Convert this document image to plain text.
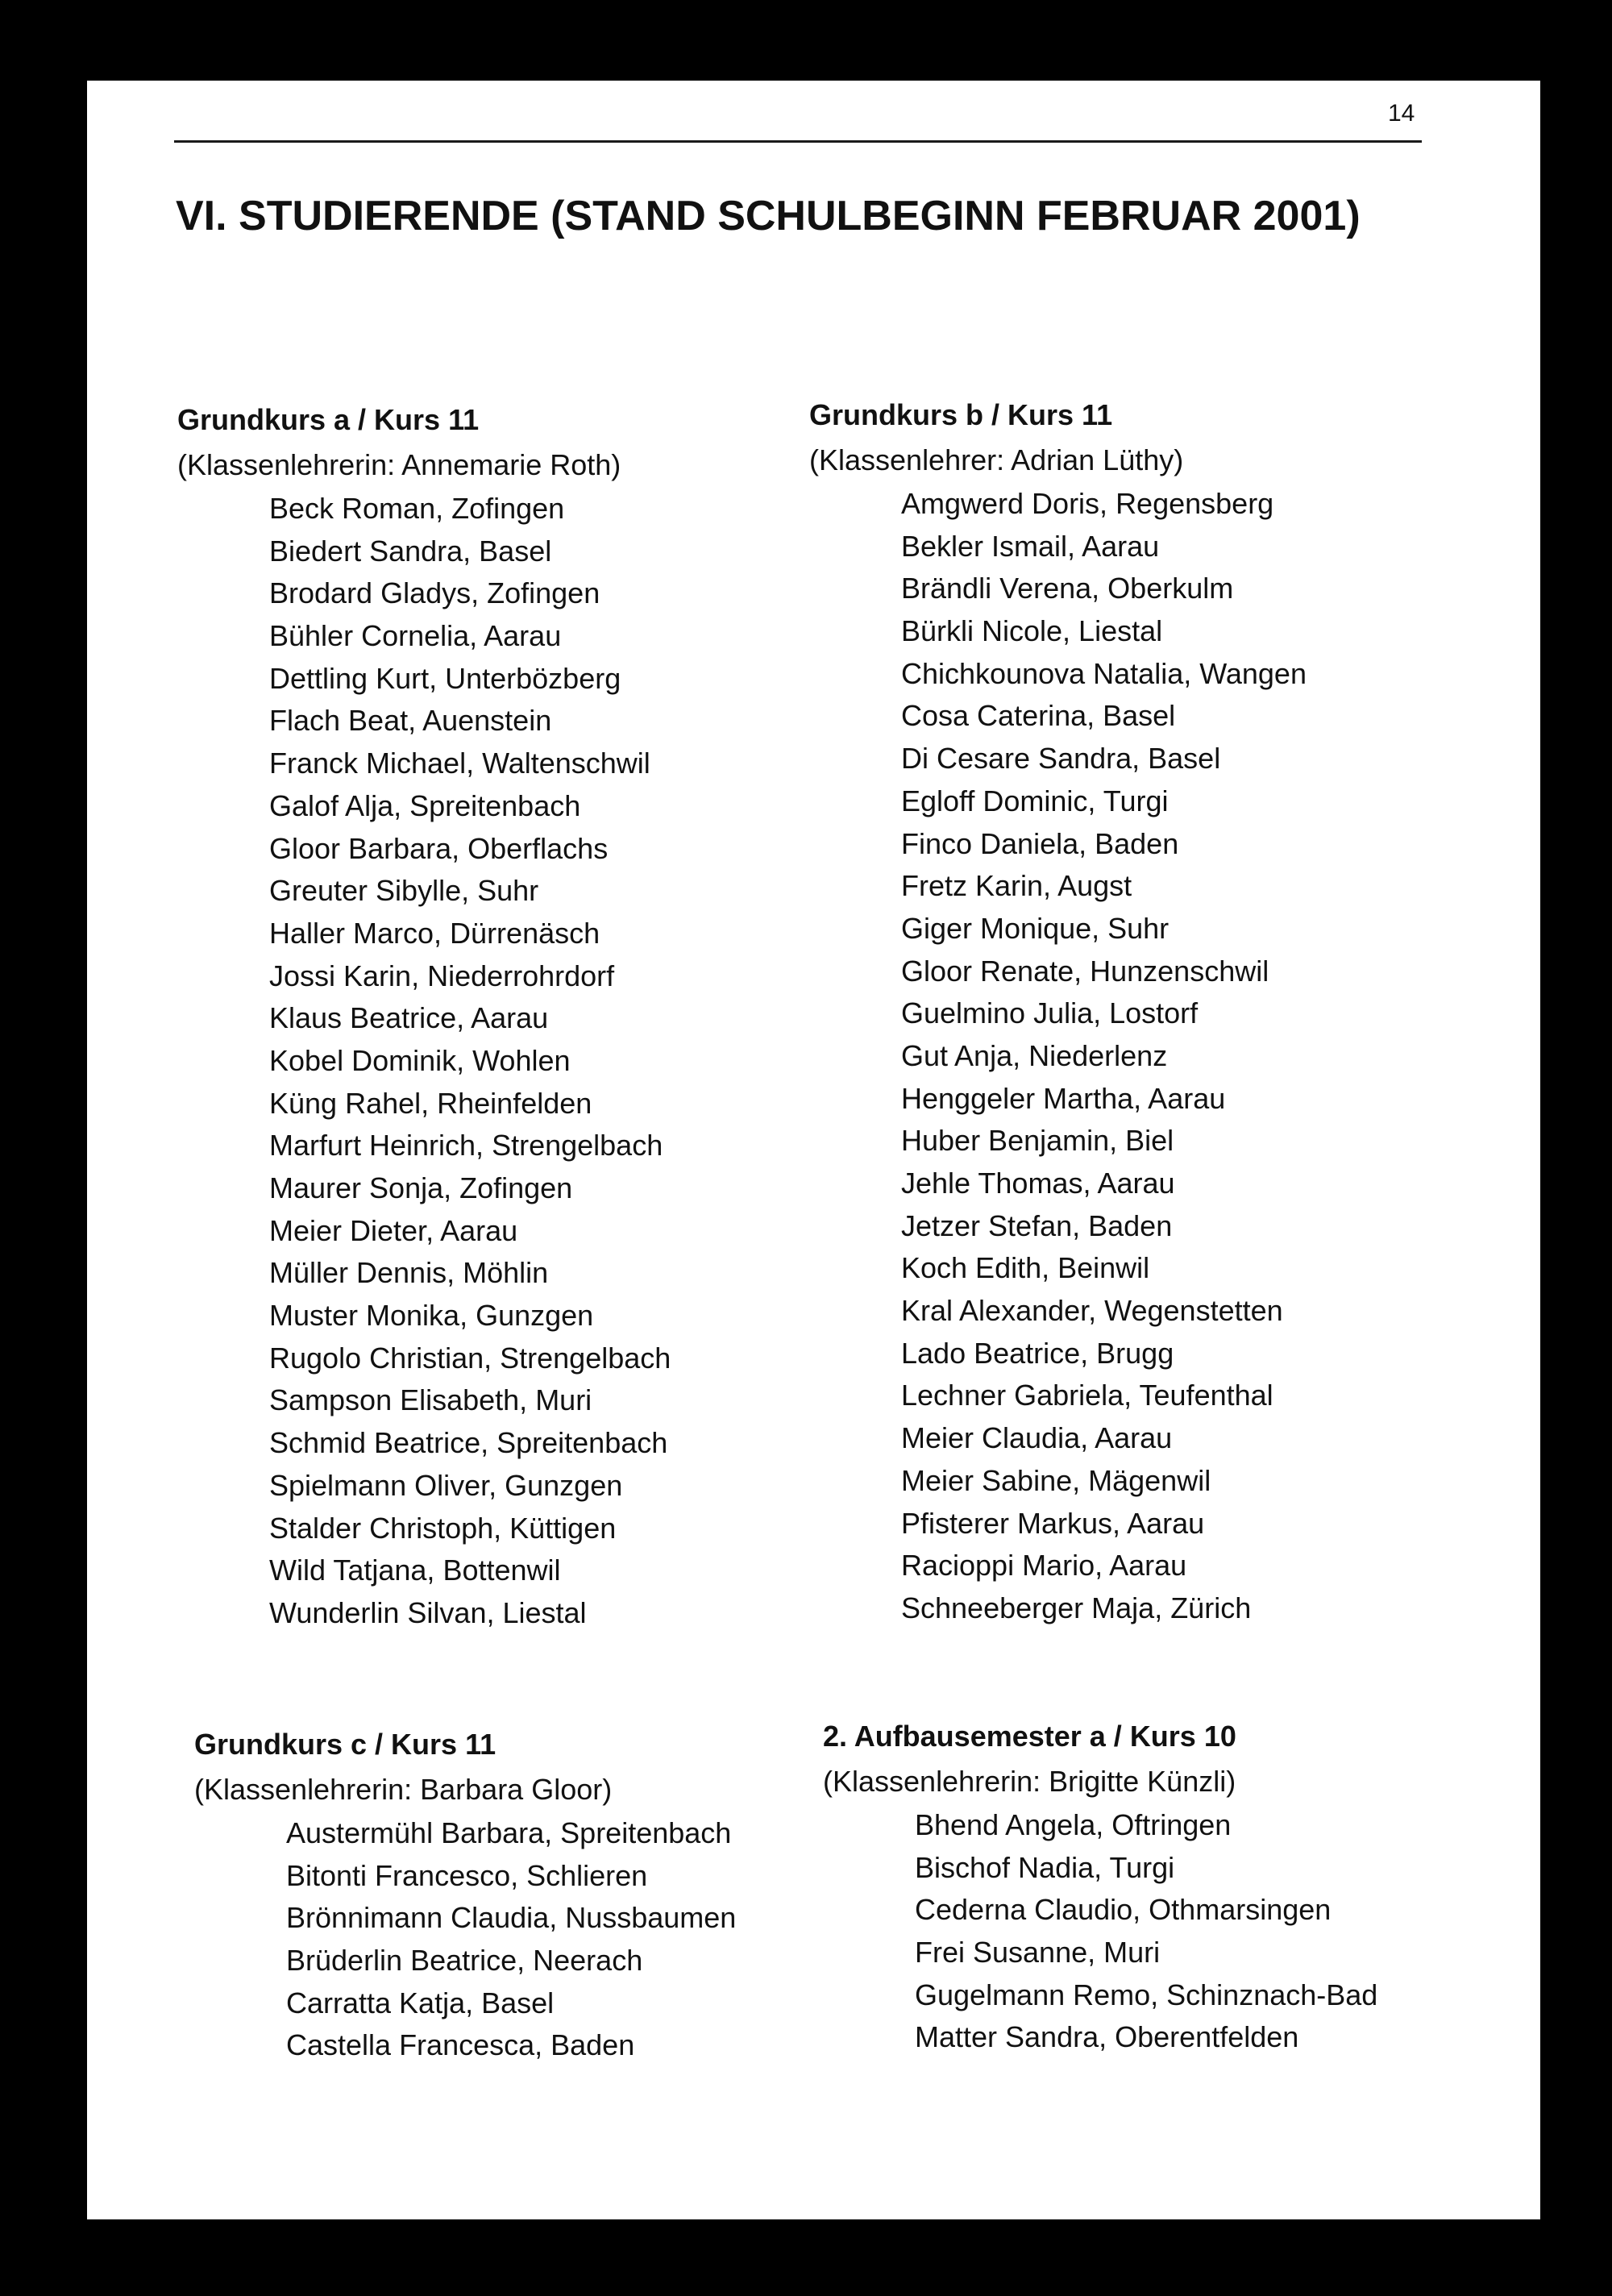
14
VI. STUDIERENDE (STAND SCHULBEGINN FEBRUAR 2001)
Grundkurs a / Kurs 11
(Klassenlehrerin: Annemarie Roth)
Beck Roman, Zofingen
Biedert Sandra, Basel
Brodard Gladys, Zofingen
Bühler Cornelia, Aarau
Dettling Kurt, Unterbözberg
Flach Beat, Auenstein
Franck Michael, Waltenschwil
Galof Alja, Spreitenbach
Gloor Barbara, Oberflachs
Greuter Sibylle, Suhr
Haller Marco, Dürrenäsch
Jossi Karin, Niederrohrdorf
Klaus Beatrice, Aarau
Kobel Dominik, Wohlen
Küng Rahel, Rheinfelden
Marfurt Heinrich, Strengelbach
Maurer Sonja, Zofingen
Meier Dieter, Aarau
Müller Dennis, Möhlin
Muster Monika, Gunzgen
Rugolo Christian, Strengelbach
Sampson Elisabeth, Muri
Schmid Beatrice, Spreitenbach
Spielmann Oliver, Gunzgen
Stalder Christoph, Küttigen
Wild Tatjana, Bottenwil
Wunderlin Silvan, Liestal
Grundkurs b / Kurs 11
(Klassenlehrer: Adrian Lüthy)
Amgwerd Doris, Regensberg
Bekler Ismail, Aarau
Brändli Verena, Oberkulm
Bürkli Nicole, Liestal
Chichkounova Natalia, Wangen
Cosa Caterina, Basel
Di Cesare Sandra, Basel
Egloff Dominic, Turgi
Finco Daniela, Baden
Fretz Karin, Augst
Giger Monique, Suhr
Gloor Renate, Hunzenschwil
Guelmino Julia, Lostorf
Gut Anja, Niederlenz
Henggeler Martha, Aarau
Huber Benjamin, Biel
Jehle Thomas, Aarau
Jetzer Stefan, Baden
Koch Edith, Beinwil
Kral Alexander, Wegenstetten
Lado Beatrice, Brugg
Lechner Gabriela, Teufenthal
Meier Claudia, Aarau
Meier Sabine, Mägenwil
Pfisterer Markus, Aarau
Racioppi Mario, Aarau
Schneeberger Maja, Zürich
Grundkurs c / Kurs 11
(Klassenlehrerin: Barbara Gloor)
Austermühl Barbara, Spreitenbach
Bitonti Francesco, Schlieren
Brönnimann Claudia, Nussbaumen
Brüderlin Beatrice, Neerach
Carratta Katja, Basel
Castella Francesca, Baden
2. Aufbausemester a / Kurs 10
(Klassenlehrerin: Brigitte Künzli)
Bhend Angela, Oftringen
Bischof Nadia, Turgi
Cederna Claudio, Othmarsingen
Frei Susanne, Muri
Gugelmann Remo, Schinznach-Bad
Matter Sandra, Oberentfelden
